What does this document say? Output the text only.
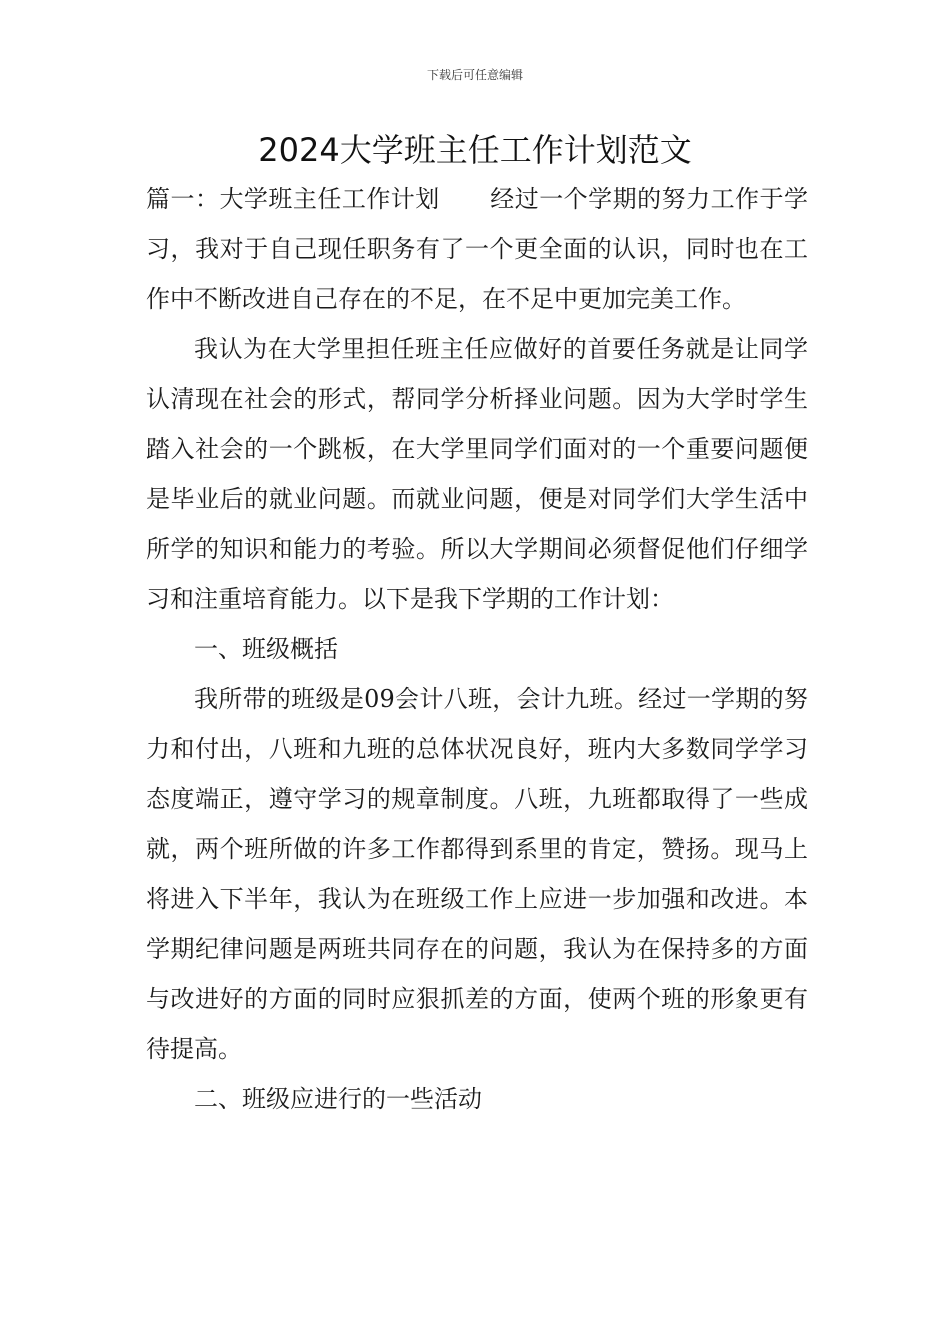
下载后可任意编辑
2024大学班主任工作计划范文

篇一：大学班主任工作计划 经过一个学期的努力工作于学习，我对于自己现任职务有了一个更全面的认识，同时也在工作中不断改进自己存在的不足，在不足中更加完美工作。

我认为在大学里担任班主任应做好的首要任务就是让同学认清现在社会的形式，帮同学分析择业问题。因为大学时学生踏入社会的一个跳板，在大学里同学们面对的一个重要问题便是毕业后的就业问题。而就业问题，便是对同学们大学生活中所学的知识和能力的考验。所以大学期间必须督促他们仔细学习和注重培育能力。以下是我下学期的工作计划：

一、班级概括

我所带的班级是09会计八班，会计九班。经过一学期的努力和付出，八班和九班的总体状况良好，班内大多数同学学习态度端正，遵守学习的规章制度。八班，九班都取得了一些成就，两个班所做的许多工作都得到系里的肯定，赞扬。现马上将进入下半年，我认为在班级工作上应进一步加强和改进。本学期纪律问题是两班共同存在的问题，我认为在保持多的方面与改进好的方面的同时应狠抓差的方面，使两个班的形象更有待提高。

二、班级应进行的一些活动
